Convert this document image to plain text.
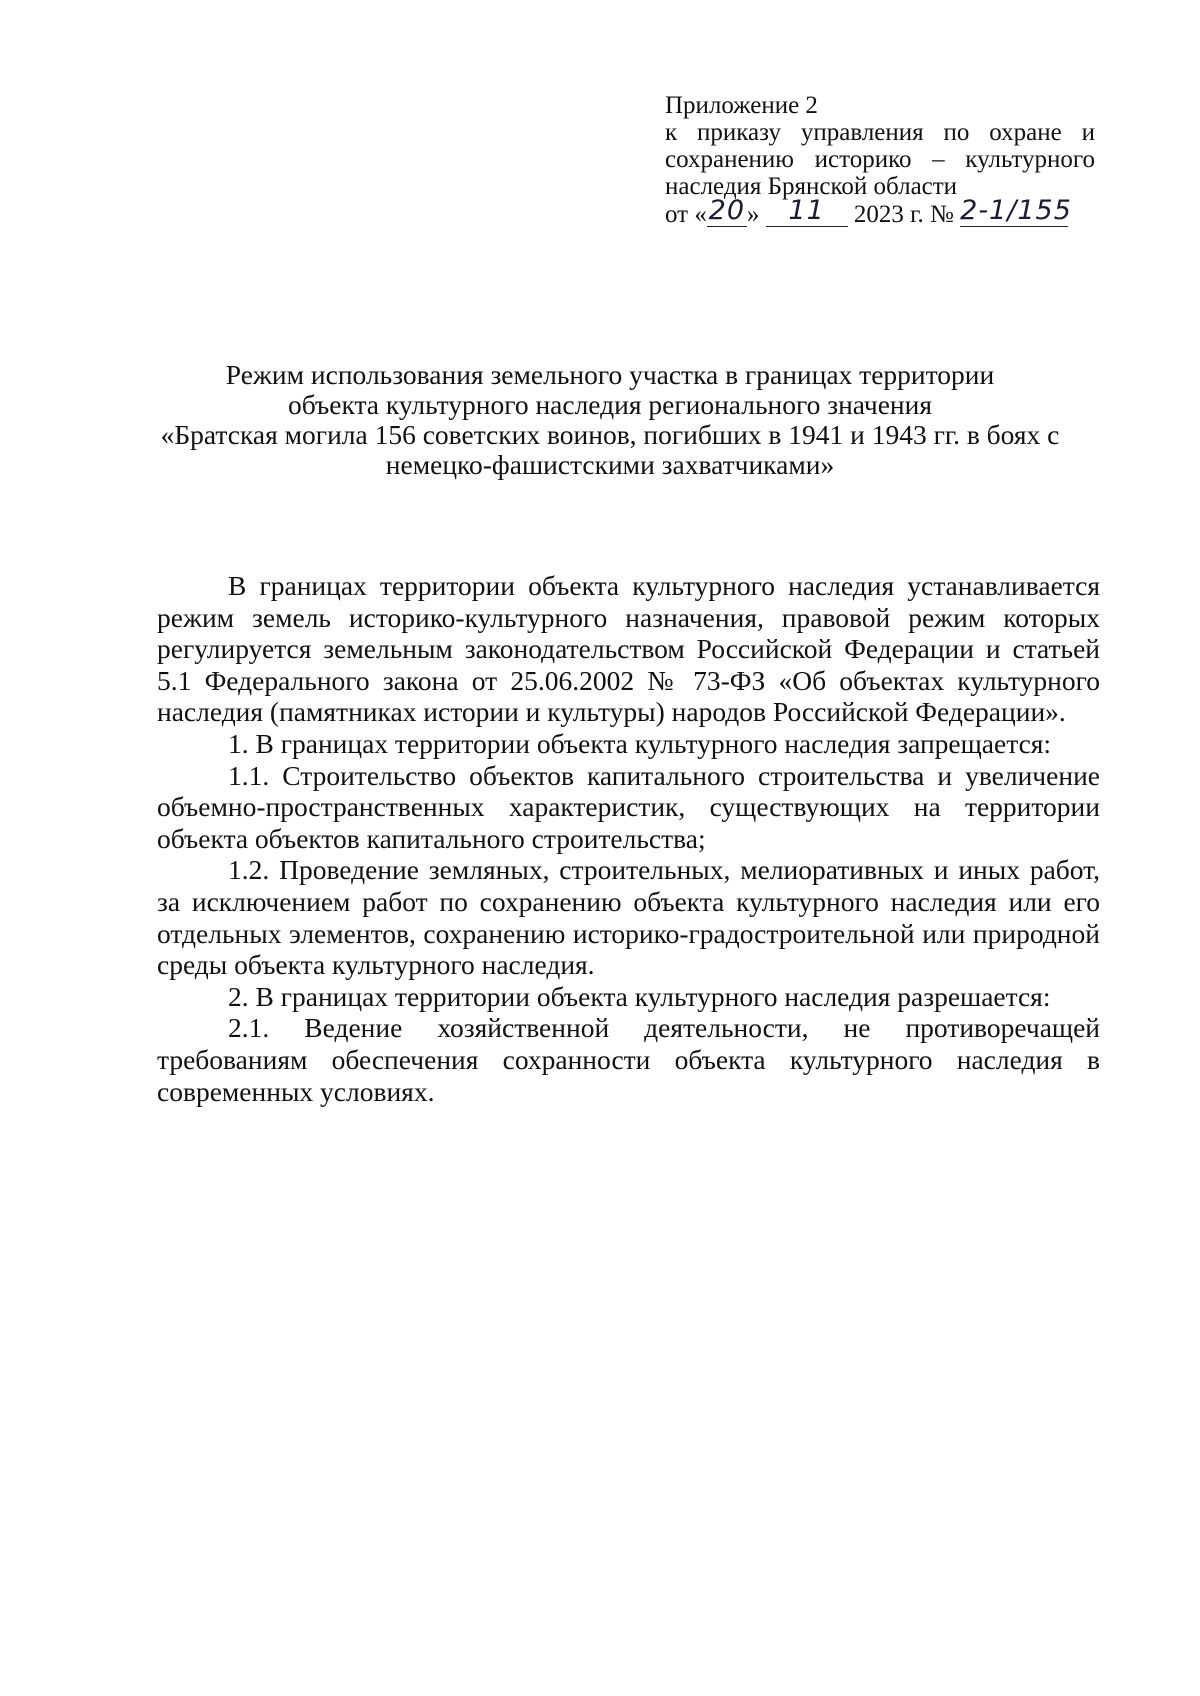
Приложение 2
к приказу управления по охране и
сохранению историко – культурного
наследия Брянской области
от «20» 11 2023 г. № 2-1/155
Режим использования земельного участка в границах территории
объекта культурного наследия регионального значения
«Братская могила 156 советских воинов, погибших в 1941 и 1943 гг. в боях с
немецко-фашистскими захватчиками»

В границах территории объекта культурного наследия устанавливается режим земель историко-культурного назначения, правовой режим которых регулируется земельным законодательством Российской Федерации и статьей 5.1 Федерального закона от 25.06.2002 № 73-ФЗ «Об объектах культурного наследия (памятниках истории и культуры) народов Российской Федерации».

1. В границах территории объекта культурного наследия запрещается:

1.1. Строительство объектов капитального строительства и увеличение объемно-пространственных характеристик, существующих на территории объекта объектов капитального строительства;

1.2. Проведение земляных, строительных, мелиоративных и иных работ, за исключением работ по сохранению объекта культурного наследия или его отдельных элементов, сохранению историко-градостроительной или природной среды объекта культурного наследия.

2. В границах территории объекта культурного наследия разрешается:

2.1. Ведение хозяйственной деятельности, не противоречащей требованиям обеспечения сохранности объекта культурного наследия в современных условиях.
